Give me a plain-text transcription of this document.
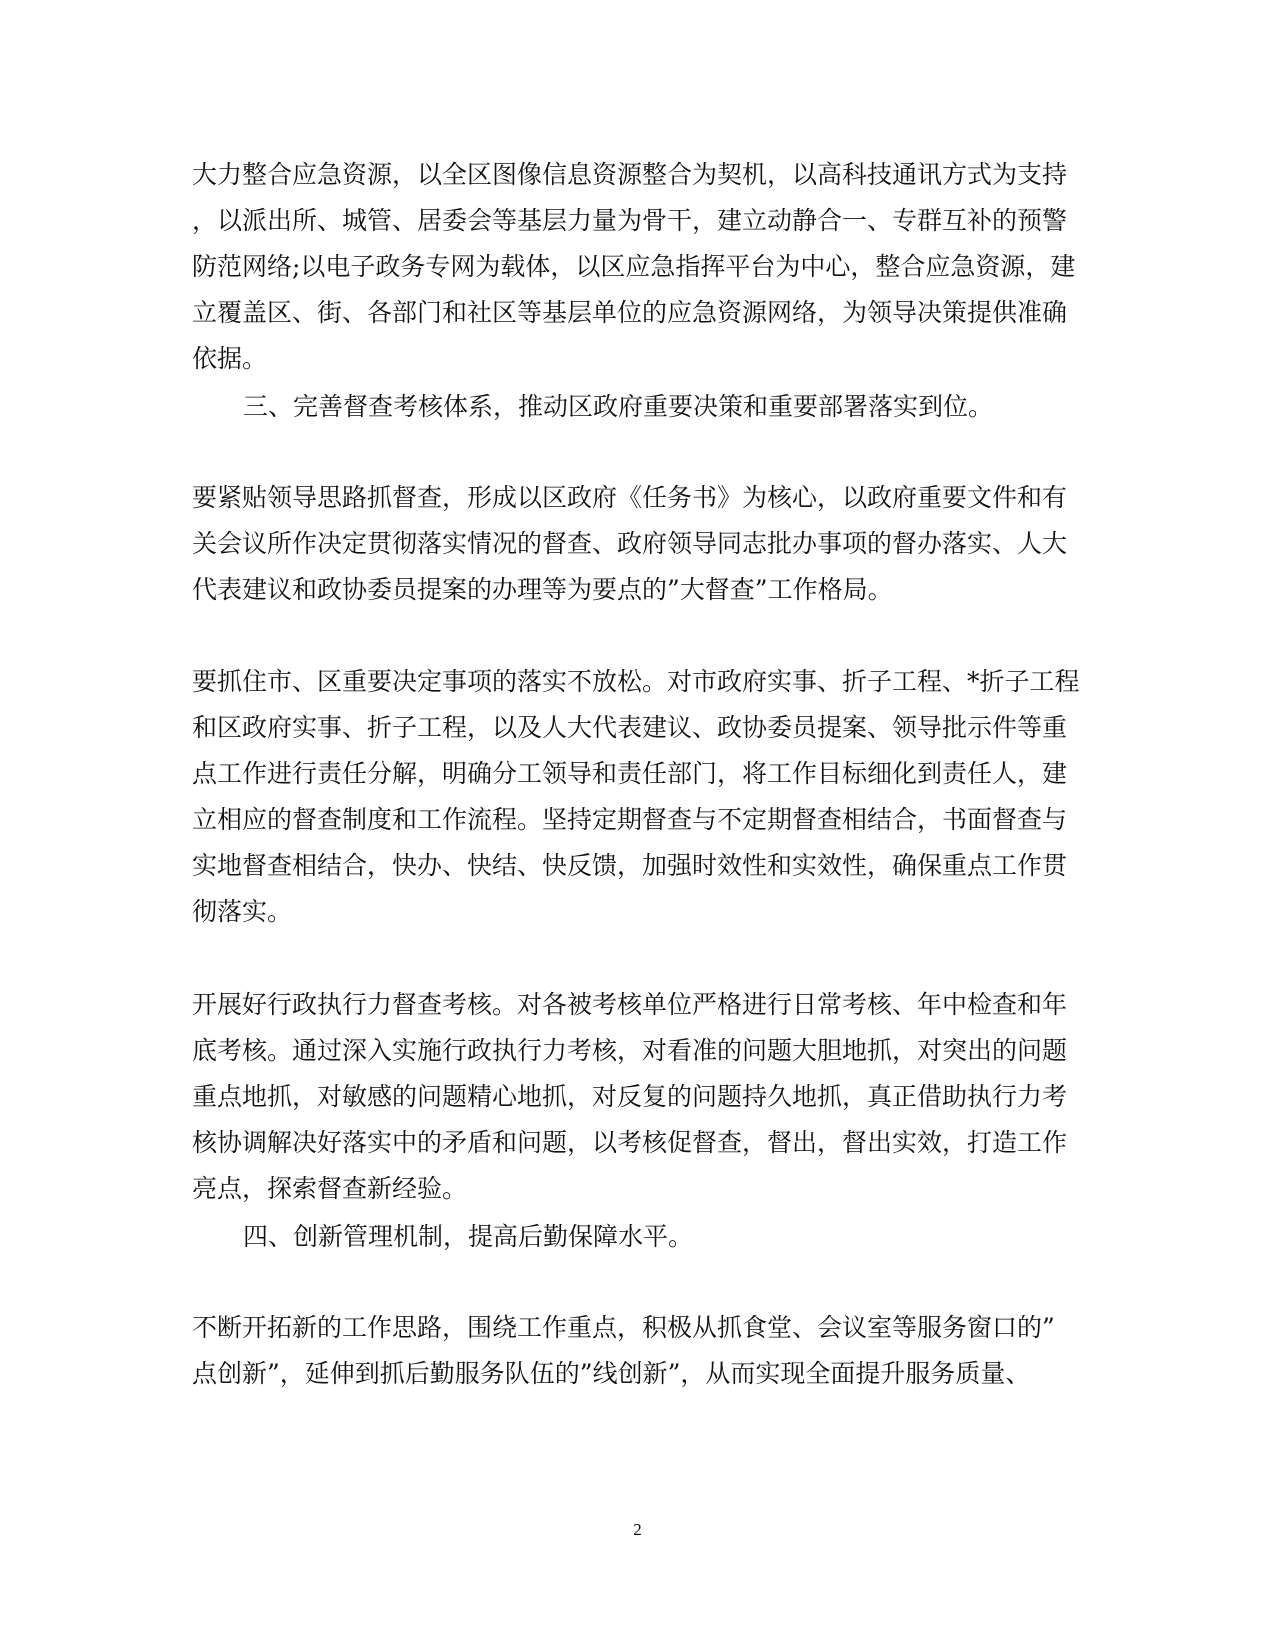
大力整合应急资源，以全区图像信息资源整合为契机，以高科技通讯方式为支持
，以派出所、城管、居委会等基层力量为骨干，建立动静合一、专群互补的预警
防范网络;以电子政务专网为载体，以区应急指挥平台为中心，整合应急资源，建
立覆盖区、街、各部门和社区等基层单位的应急资源网络，为领导决策提供准确
依据。
三、完善督查考核体系，推动区政府重要决策和重要部署落实到位。
要紧贴领导思路抓督查，形成以区政府《任务书》为核心，以政府重要文件和有
关会议所作决定贯彻落实情况的督查、政府领导同志批办事项的督办落实、人大
代表建议和政协委员提案的办理等为要点的”大督查”工作格局。
要抓住市、区重要决定事项的落实不放松。对市政府实事、折子工程、*折子工程
和区政府实事、折子工程，以及人大代表建议、政协委员提案、领导批示件等重
点工作进行责任分解，明确分工领导和责任部门，将工作目标细化到责任人，建
立相应的督查制度和工作流程。坚持定期督查与不定期督查相结合，书面督查与
实地督查相结合，快办、快结、快反馈，加强时效性和实效性，确保重点工作贯
彻落实。
开展好行政执行力督查考核。对各被考核单位严格进行日常考核、年中检查和年
底考核。通过深入实施行政执行力考核，对看准的问题大胆地抓，对突出的问题
重点地抓，对敏感的问题精心地抓，对反复的问题持久地抓，真正借助执行力考
核协调解决好落实中的矛盾和问题，以考核促督查，督出，督出实效，打造工作
亮点，探索督查新经验。
四、创新管理机制，提高后勤保障水平。
不断开拓新的工作思路，围绕工作重点，积极从抓食堂、会议室等服务窗口的”
点创新”，延伸到抓后勤服务队伍的”线创新”，从而实现全面提升服务质量、
2
